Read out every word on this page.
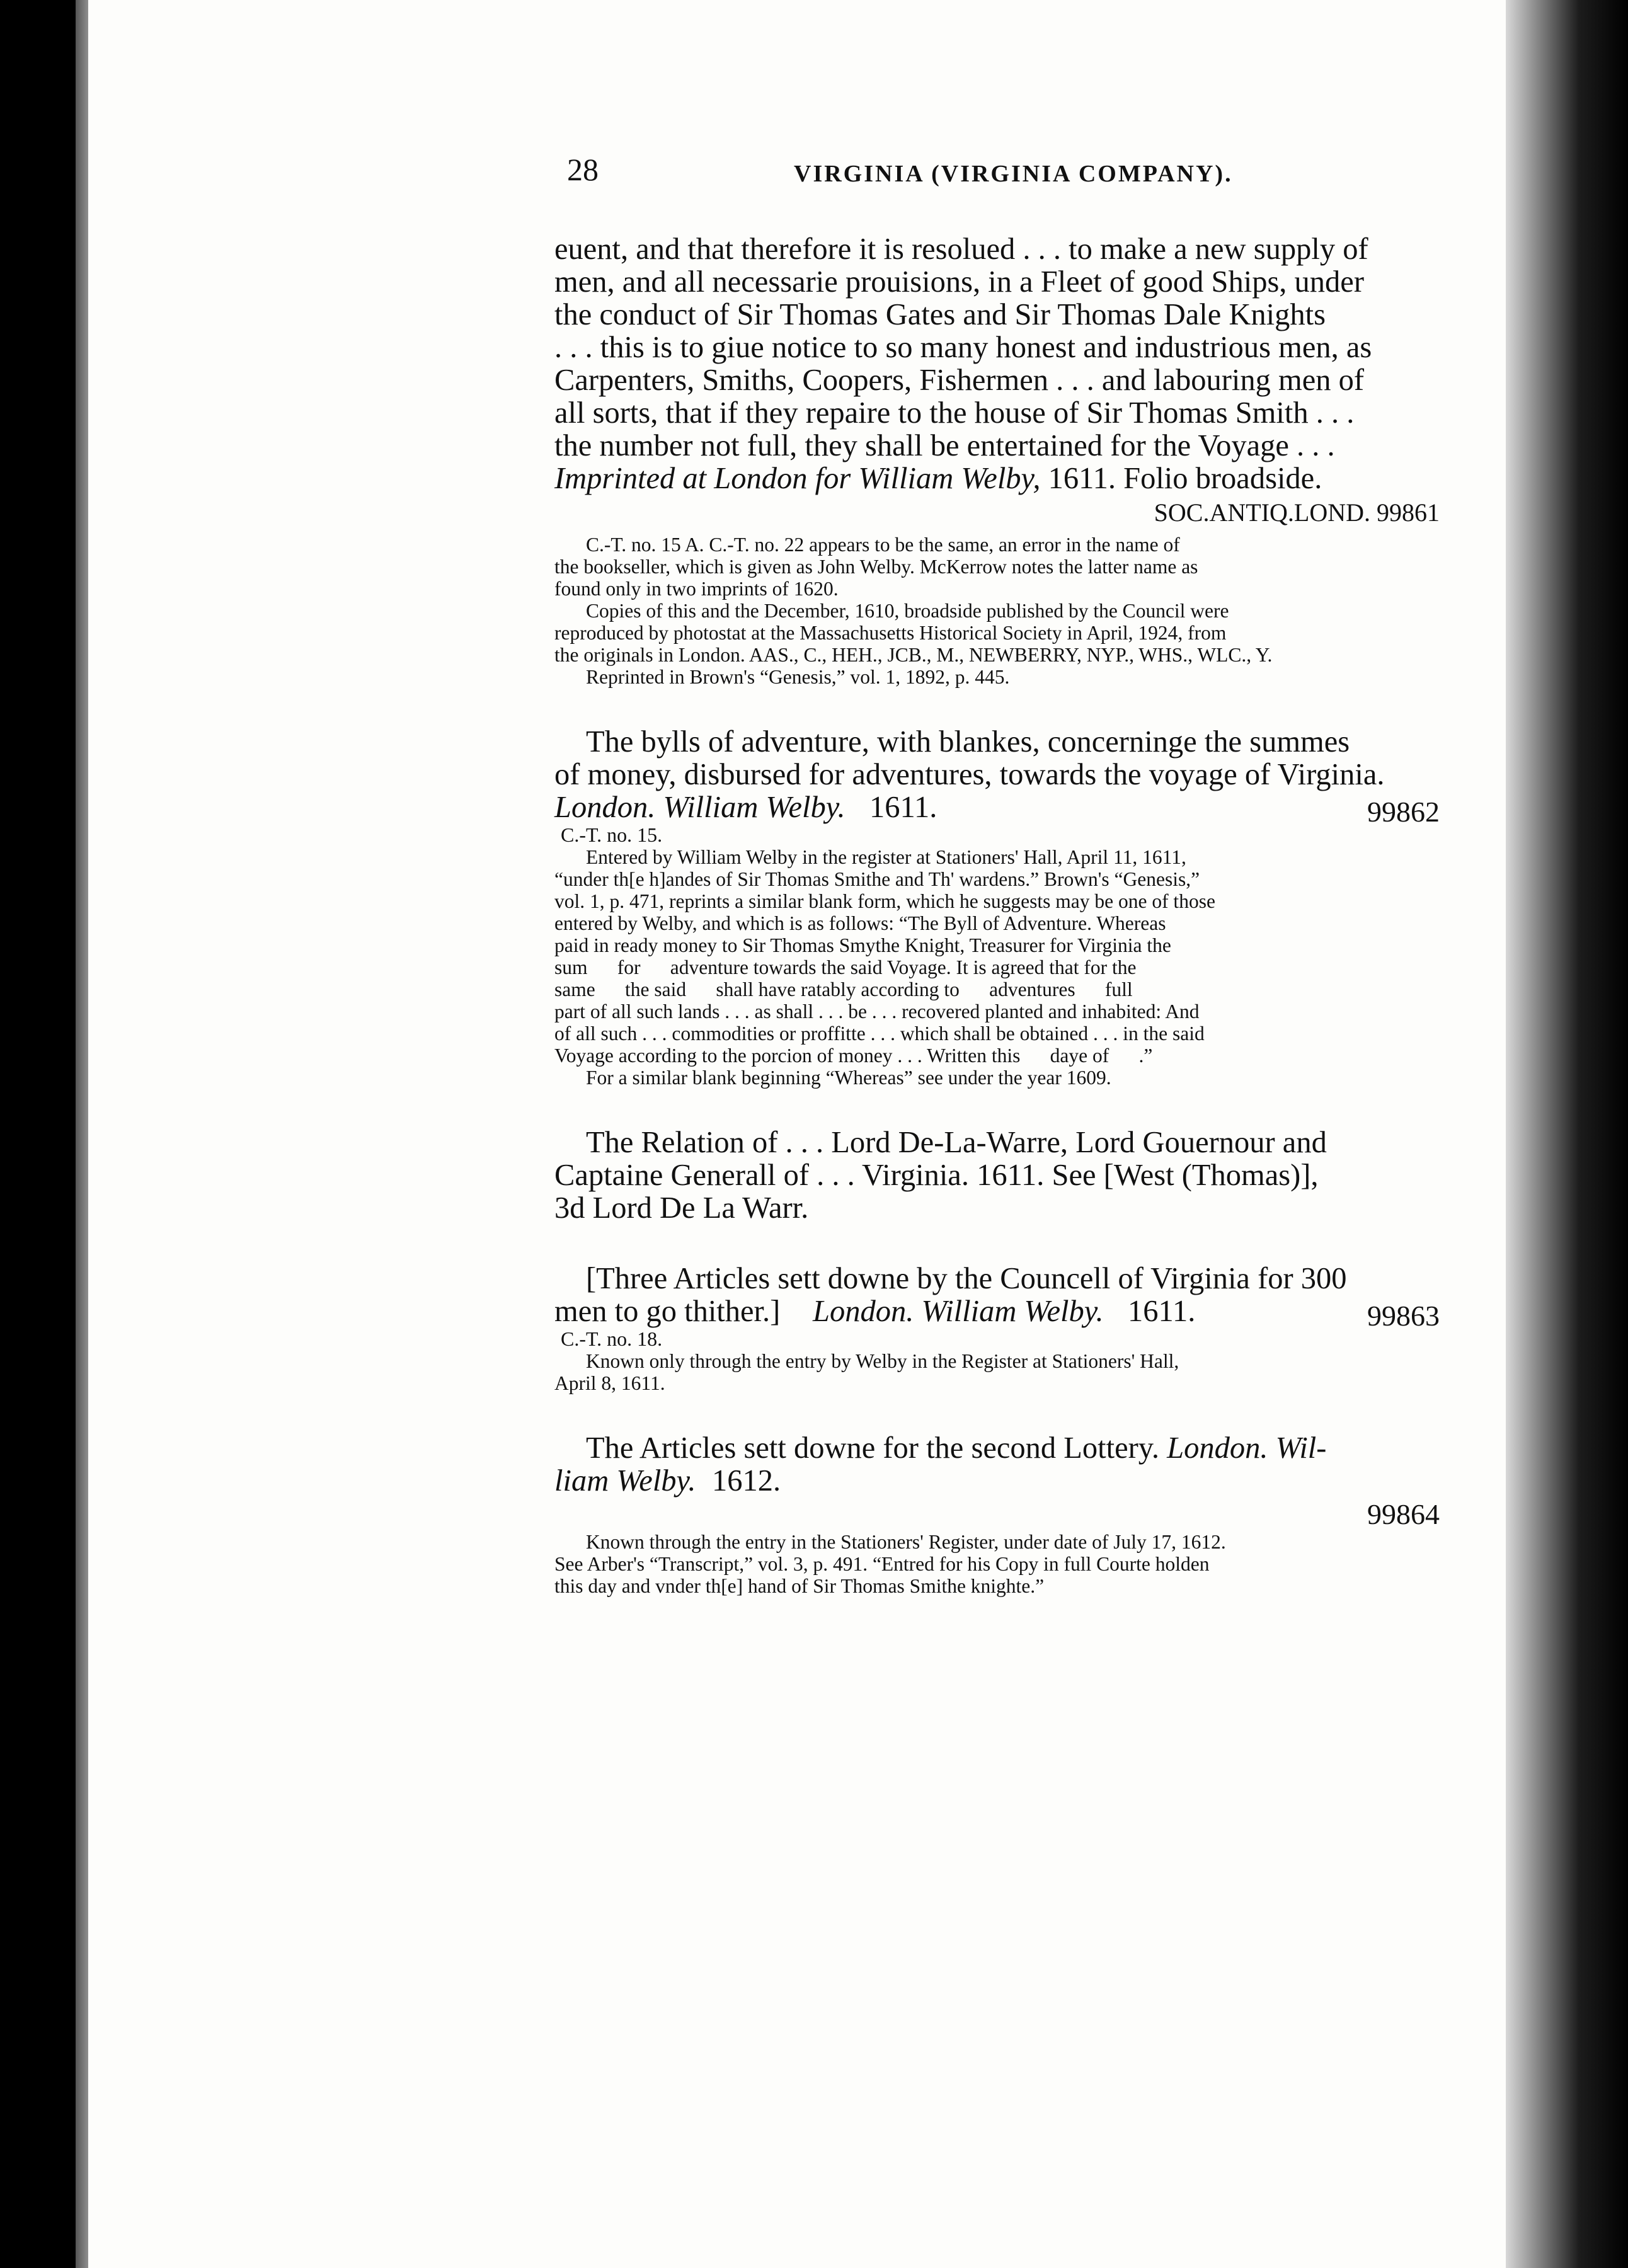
28	VIRGINIA (VIRGINIA COMPANY).

euent, and that therefore it is resolued . . . to make a new supply of
men, and all necessarie prouisions, in a Fleet of good Ships, under
the conduct of Sir Thomas Gates and Sir Thomas Dale Knights
. . . this is to giue notice to so many honest and industrious men, as
Carpenters, Smiths, Coopers, Fishermen . . . and labouring men of
all sorts, that if they repaire to the house of Sir Thomas Smith . . .
the number not full, they shall be entertained for the Voyage . . .
Imprinted at London for William Welby, 1611. Folio broadside.

SOC.ANTIQ.LOND. 99861

C.-T. no. 15 A. C.-T. no. 22 appears to be the same, an error in the name of
the bookseller, which is given as John Welby. McKerrow notes the latter name as
found only in two imprints of 1620.
Copies of this and the December, 1610, broadside published by the Council were
reproduced by photostat at the Massachusetts Historical Society in April, 1924, from
the originals in London. AAS., C., HEH., JCB., M., NEWBERRY, NYP., WHS., WLC., Y.
Reprinted in Brown's “Genesis,” vol. 1, 1892, p. 445.

The bylls of adventure, with blankes, concerninge the summes
of money, disbursed for adventures, towards the voyage of Virginia.

London. William Welby. 1611.	99862
C.-T. no. 15.

Entered by William Welby in the register at Stationers' Hall, April 11, 1611,
“under th[e h]andes of Sir Thomas Smithe and Th' wardens.” Brown's “Genesis,”
vol. 1, p. 471, reprints a similar blank form, which he suggests may be one of those
entered by Welby, and which is as follows: “The Byll of Adventure. Whereas
paid in ready money to Sir Thomas Smythe Knight, Treasurer for Virginia the
sum      for      adventure towards the said Voyage. It is agreed that for the
same      the said      shall have ratably according to      adventures      full
part of all such lands . . . as shall . . . be . . . recovered planted and inhabited: And
of all such . . . commodities or proffitte . . . which shall be obtained . . . in the said
Voyage according to the porcion of money . . . Written this      daye of      .”
For a similar blank beginning “Whereas” see under the year 1609.

The Relation of . . . Lord De-La-Warre, Lord Gouernour and
Captaine Generall of . . . Virginia. 1611. See [West (Thomas)],
3d Lord De La Warr.

[Three Articles sett downe by the Councell of Virginia for 300

men to go thither.] London. William Welby. 1611.	99863
C.-T. no. 18.

Known only through the entry by Welby in the Register at Stationers' Hall,
April 8, 1611.

The Articles sett downe for the second Lottery. London. Wil-

liam Welby. 1612.
99864

Known through the entry in the Stationers' Register, under date of July 17, 1612.
See Arber's “Transcript,” vol. 3, p. 491. “Entred for his Copy in full Courte holden
this day and vnder th[e] hand of Sir Thomas Smithe knighte.”
